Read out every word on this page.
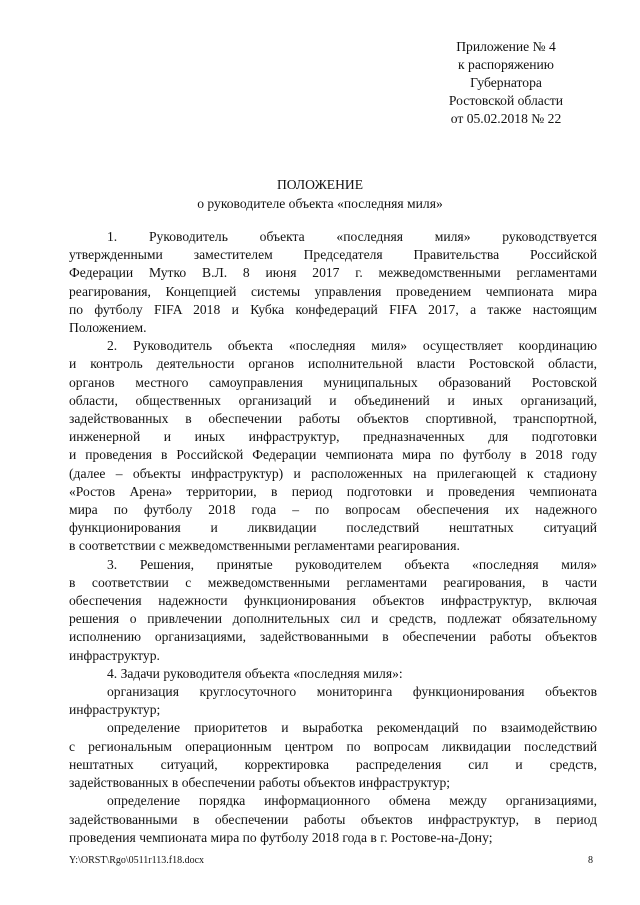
Приложение № 4
к распоряжению
Губернатора
Ростовской области
от 05.02.2018 № 22
ПОЛОЖЕНИЕ
о руководителе объекта «последняя миля»

1. Руководитель объекта «последняя миля» руководствуется

утвержденными заместителем Председателя Правительства Российской

Федерации Мутко В.Л. 8 июня 2017 г. межведомственными регламентами

реагирования, Концепцией системы управления проведением чемпионата мира

по футболу FIFA 2018 и Кубка конфедераций FIFA 2017, а также настоящим

Положением.

2. Руководитель объекта «последняя миля» осуществляет координацию

и контроль деятельности органов исполнительной власти Ростовской области,

органов местного самоуправления муниципальных образований Ростовской

области, общественных организаций и объединений и иных организаций,

задействованных в обеспечении работы объектов спортивной, транспортной,

инженерной и иных инфраструктур, предназначенных для подготовки

и проведения в Российской Федерации чемпионата мира по футболу в 2018 году

(далее – объекты инфраструктур) и расположенных на прилегающей к стадиону

«Ростов Арена» территории, в период подготовки и проведения чемпионата

мира по футболу 2018 года – по вопросам обеспечения их надежного

функционирования и ликвидации последствий нештатных ситуаций

в соответствии с межведомственными регламентами реагирования.

3. Решения, принятые руководителем объекта «последняя миля»

в соответствии с межведомственными регламентами реагирования, в части

обеспечения надежности функционирования объектов инфраструктур, включая

решения о привлечении дополнительных сил и средств, подлежат обязательному

исполнению организациями, задействованными в обеспечении работы объектов

инфраструктур.

4. Задачи руководителя объекта «последняя миля»:

организация круглосуточного мониторинга функционирования объектов

инфраструктур;

определение приоритетов и выработка рекомендаций по взаимодействию

с региональным операционным центром по вопросам ликвидации последствий

нештатных ситуаций, корректировка распределения сил и средств,

задействованных в обеспечении работы объектов инфраструктур;

определение порядка информационного обмена между организациями,

задействованными в обеспечении работы объектов инфраструктур, в период

проведения чемпионата мира по футболу 2018 года в г. Ростове-на-Дону;

Y:\ORST\Rgo\0511r113.f18.docx	8
